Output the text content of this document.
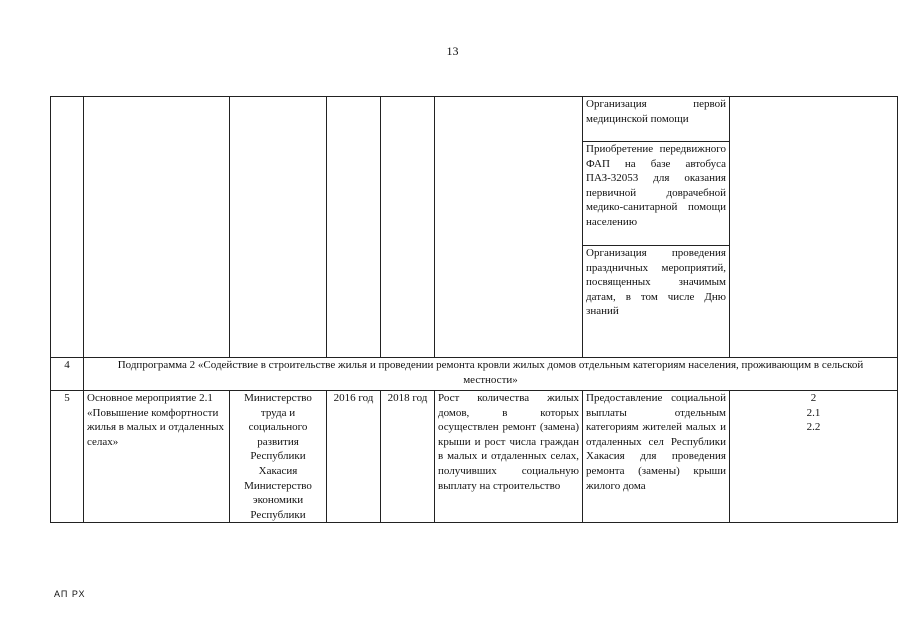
13

						Организация первой медицинской помощи
Приобретение передвижного ФАП на базе автобуса ПАЗ-32053 для оказания первичной доврачебной медико-санитарной помощи населению
Организация проведения праздничных мероприятий, посвященных значимым датам, в том числе Дню знаний	

4	Подпрограмма 2 «Содействие в строительстве жилья и проведении ремонта кровли жилых домов отдельным категориям населения, проживающим в сельской местности»						
5	Основное мероприятие 2.1 «Повышение комфортности жилья в малых и отдаленных селах»	Министерство труда и социального развития Республики Хакасия Министерство экономики Республики	2016 год	2018 год	Рост количества жилых домов, в которых осуществлен ремонт (замена) крыши и рост числа граждан в малых и отдаленных селах, получивших социальную выплату на строительство	Предоставление социальной выплаты отдельным категориям жителей малых и отдаленных сел Республики Хакасия для проведения ремонта (замены) крыши жилого дома	2
2.1
2.2
АП РХ
